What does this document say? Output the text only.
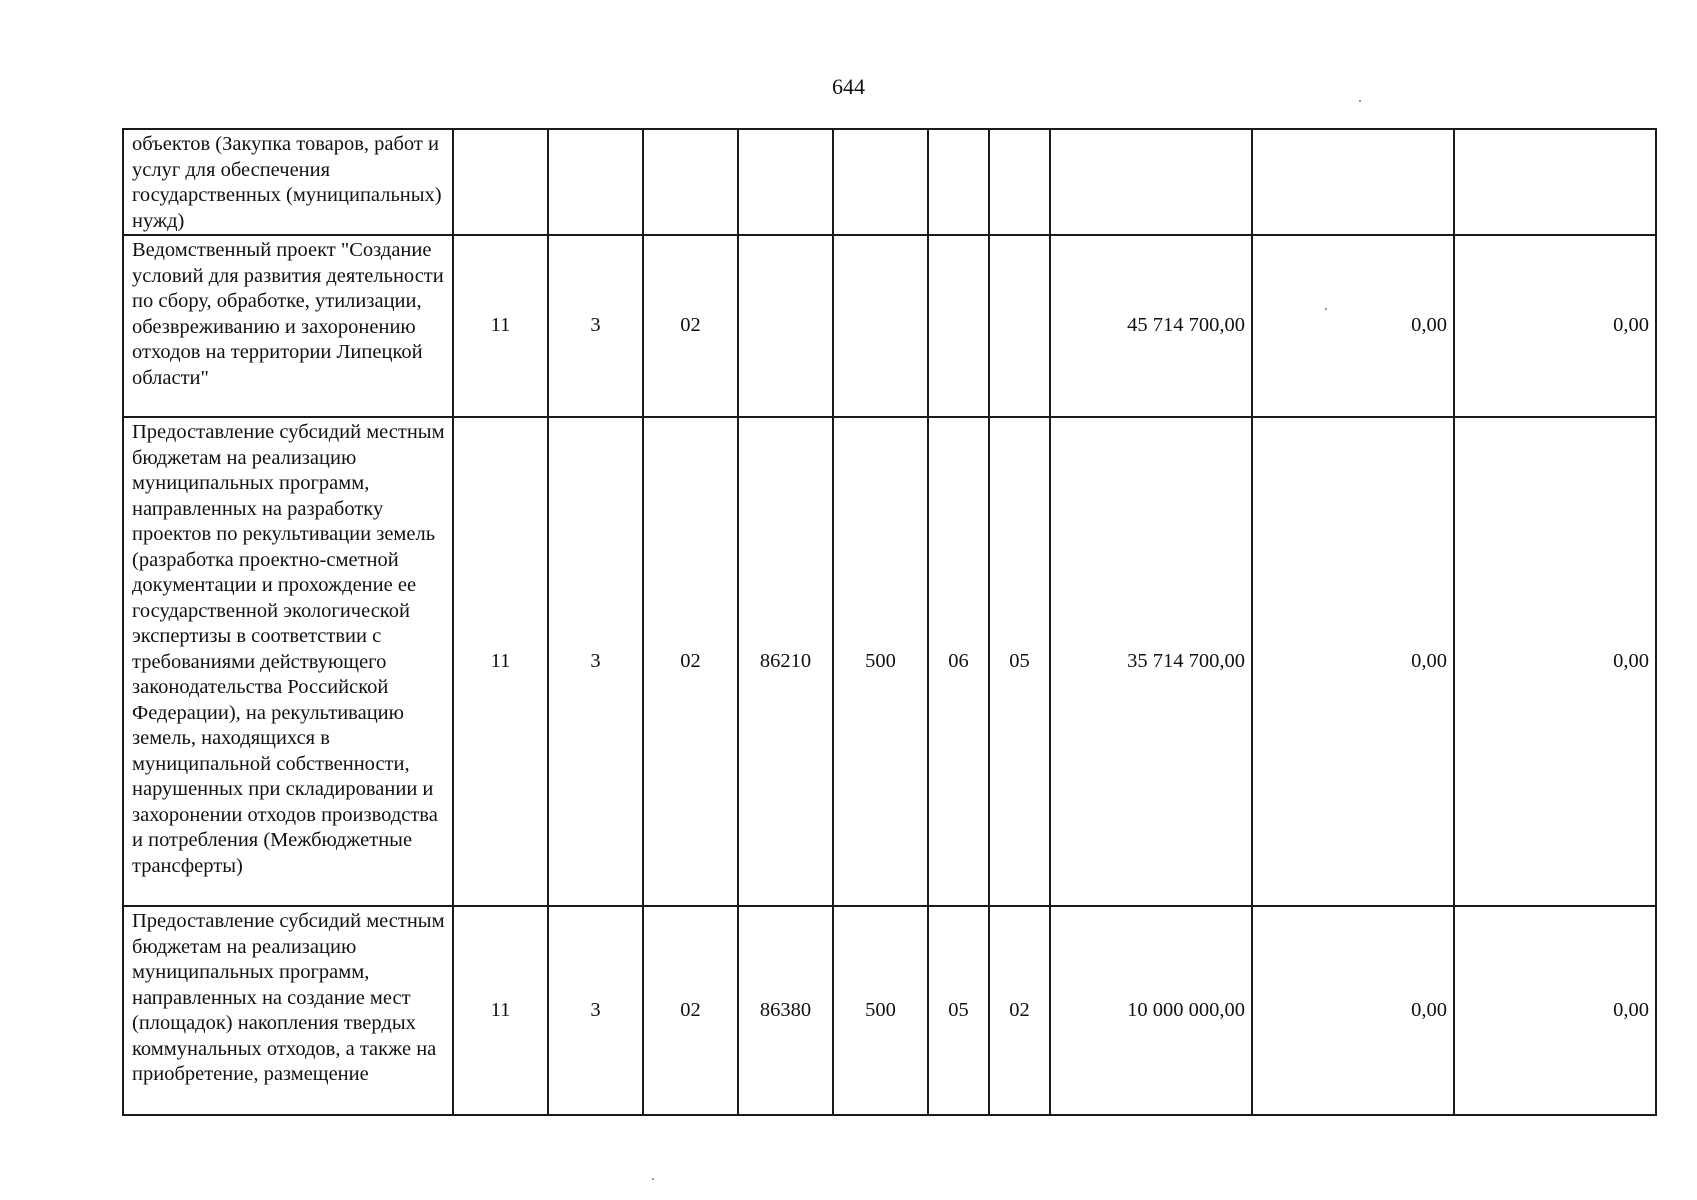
644
объектов (Закупка товаров, работ и услуг для обеспечения государственных (муниципальных) нужд)										
Ведомственный проект "Создание условий для развития деятельности по сбору, обработке, утилизации, обезвреживанию и захоронению отходов на территории Липецкой области"	11	3	02					45 714 700,00	0,00	0,00
Предоставление субсидий местным бюджетам на реализацию муниципальных программ, направленных на разработку проектов по рекультивации земель (разработка проектно-сметной документации и прохождение ее государственной экологической экспертизы в соответствии с требованиями действующего законодательства Российской Федерации), на рекультивацию земель, находящихся в муниципальной собственности, нарушенных при складировании и захоронении отходов производства и потребления (Межбюджетные трансферты)	11	3	02	86210	500	06	05	35 714 700,00	0,00	0,00
Предоставление субсидий местным бюджетам на реализацию муниципальных программ, направленных на создание мест (площадок) накопления твердых коммунальных отходов, а также на приобретение, размещение	11	3	02	86380	500	05	02	10 000 000,00	0,00	0,00
